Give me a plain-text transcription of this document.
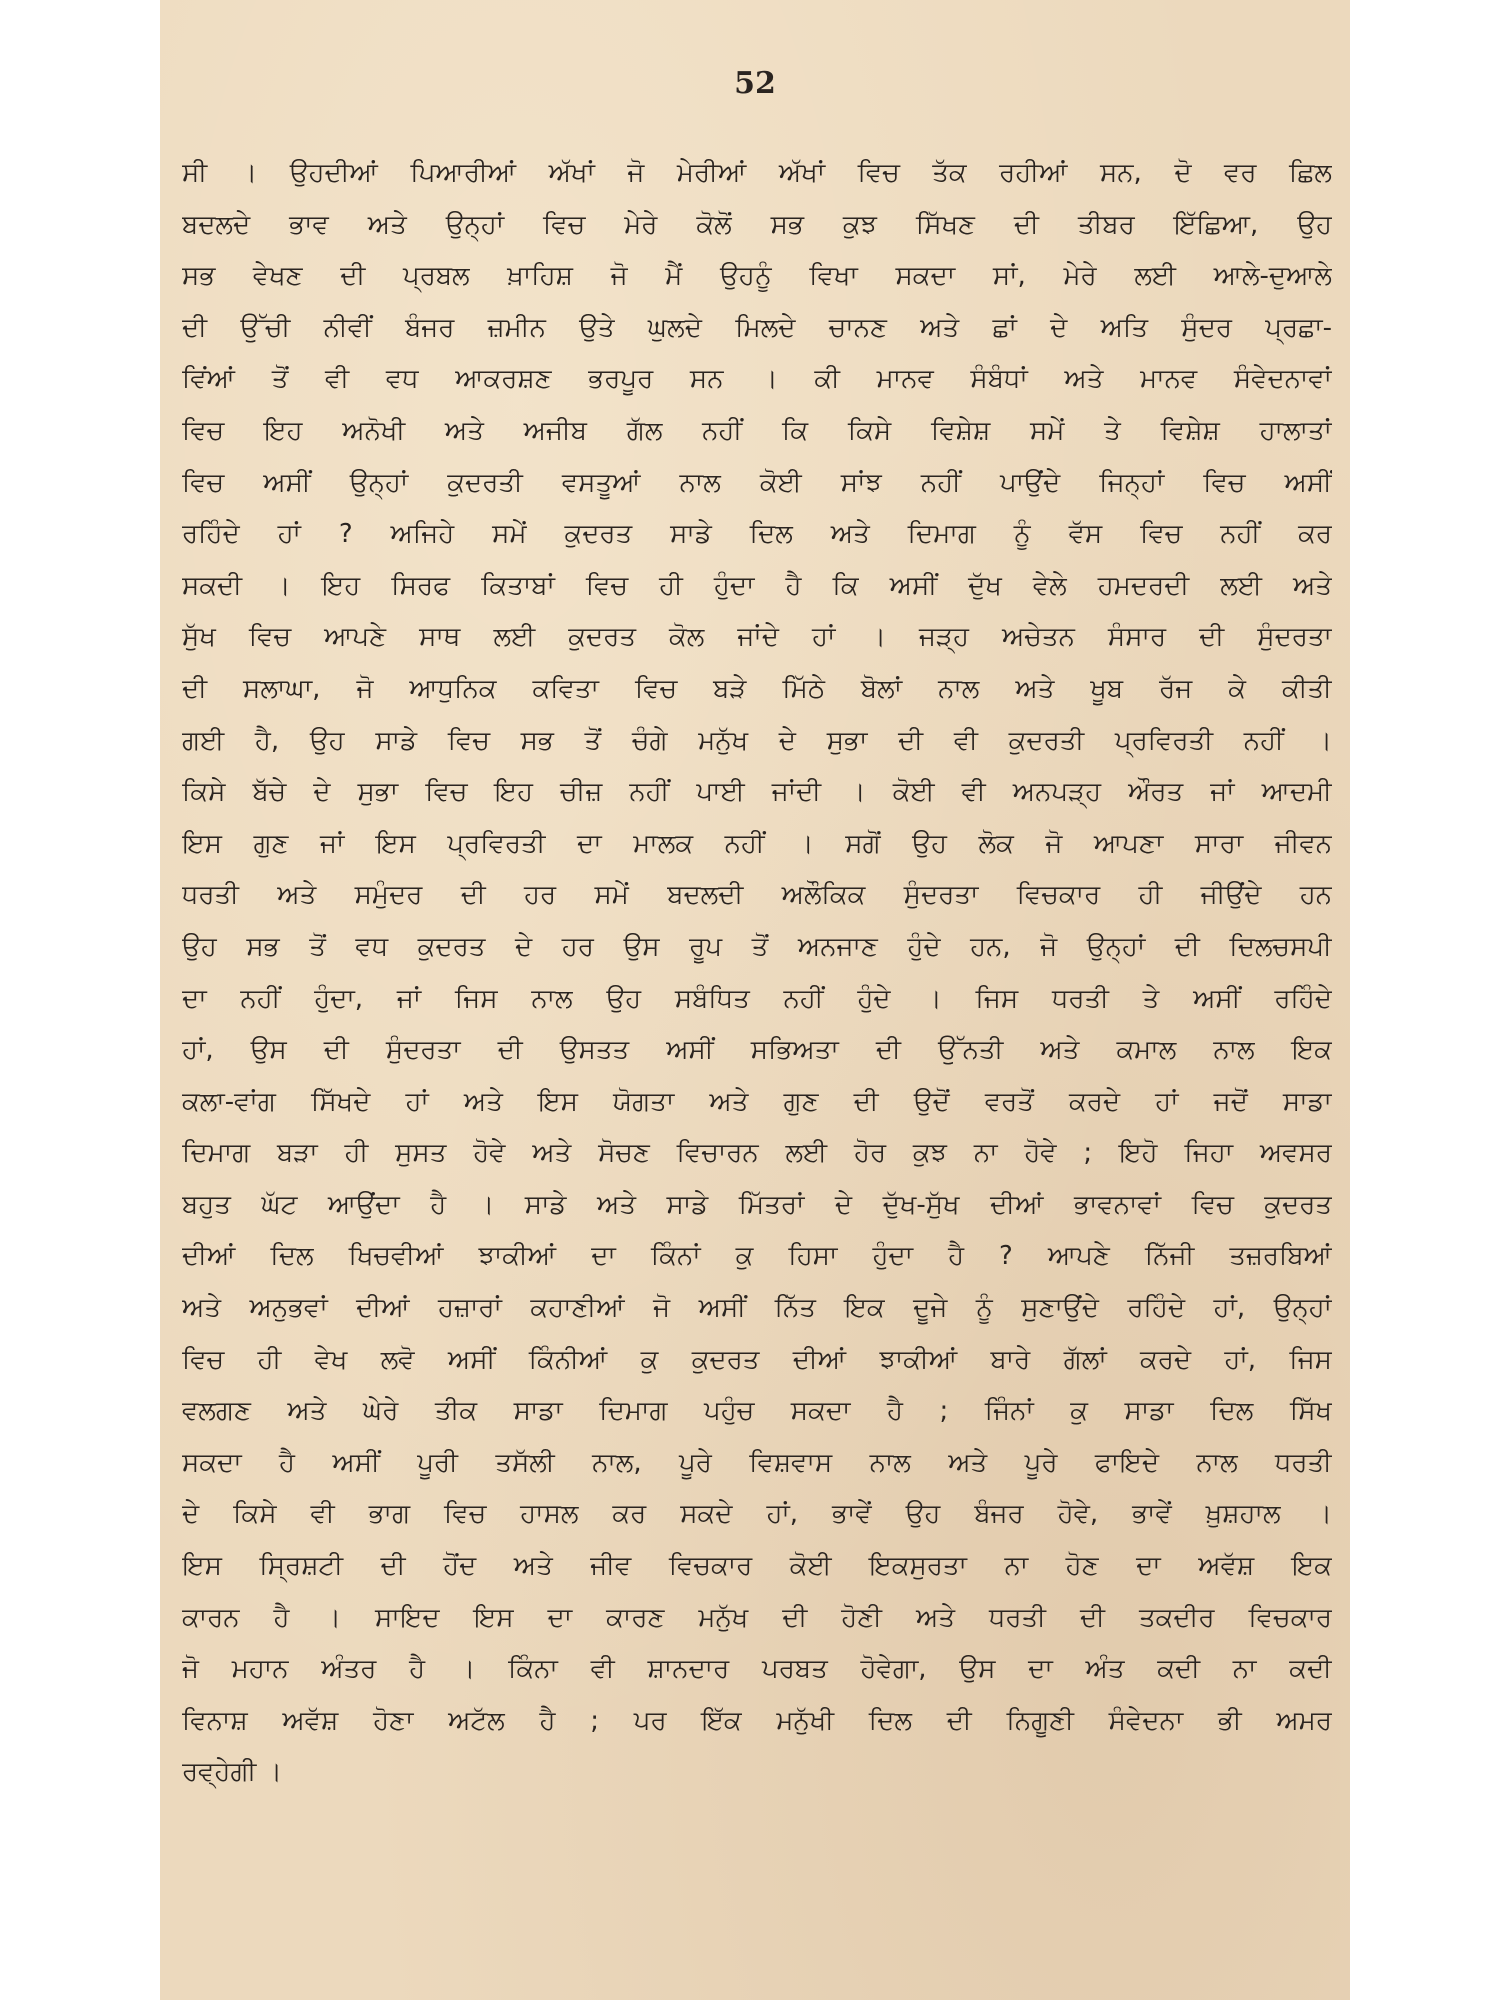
52
ਸੀ । ਉਹਦੀਆਂ ਪਿਆਰੀਆਂ ਅੱਖਾਂ ਜੋ ਮੇਰੀਆਂ ਅੱਖਾਂ ਵਿਚ ਤੱਕ ਰਹੀਆਂ ਸਨ, ਦੋ ਵਰ ਛਿਲ
ਬਦਲਦੇ ਭਾਵ ਅਤੇ ਉਨ੍ਹਾਂ ਵਿਚ ਮੇਰੇ ਕੋਲੋਂ ਸਭ ਕੁਝ ਸਿੱਖਣ ਦੀ ਤੀਬਰ ਇੱਛਿਆ, ਉਹ
ਸਭ ਵੇਖਣ ਦੀ ਪ੍ਰਬਲ ਖ਼ਾਹਿਸ਼ ਜੋ ਮੈਂ ਉਹਨੂੰ ਵਿਖਾ ਸਕਦਾ ਸਾਂ, ਮੇਰੇ ਲਈ ਆਲੇ-ਦੁਆਲੇ
ਦੀ ਉੱਚੀ ਨੀਵੀਂ ਬੰਜਰ ਜ਼ਮੀਨ ਉਤੇ ਘੁਲਦੇ ਮਿਲਦੇ ਚਾਨਣ ਅਤੇ ਛਾਂ ਦੇ ਅਤਿ ਸੁੰਦਰ ਪ੍ਰਛਾ-
ਵਿਂਆਂ ਤੋਂ ਵੀ ਵਧ ਆਕਰਸ਼ਣ ਭਰਪੂਰ ਸਨ । ਕੀ ਮਾਨਵ ਸੰਬੰਧਾਂ ਅਤੇ ਮਾਨਵ ਸੰਵੇਦਨਾਵਾਂ
ਵਿਚ ਇਹ ਅਨੋਖੀ ਅਤੇ ਅਜੀਬ ਗੱਲ ਨਹੀਂ ਕਿ ਕਿਸੇ ਵਿਸ਼ੇਸ਼ ਸਮੇਂ ਤੇ ਵਿਸ਼ੇਸ਼ ਹਾਲਾਤਾਂ
ਵਿਚ ਅਸੀਂ ਉਨ੍ਹਾਂ ਕੁਦਰਤੀ ਵਸਤੂਆਂ ਨਾਲ ਕੋਈ ਸਾਂਝ ਨਹੀਂ ਪਾਉਂਦੇ ਜਿਨ੍ਹਾਂ ਵਿਚ ਅਸੀਂ
ਰਹਿੰਦੇ ਹਾਂ ? ਅਜਿਹੇ ਸਮੇਂ ਕੁਦਰਤ ਸਾਡੇ ਦਿਲ ਅਤੇ ਦਿਮਾਗ ਨੂੰ ਵੱਸ ਵਿਚ ਨਹੀਂ ਕਰ
ਸਕਦੀ । ਇਹ ਸਿਰਫ ਕਿਤਾਬਾਂ ਵਿਚ ਹੀ ਹੁੰਦਾ ਹੈ ਕਿ ਅਸੀਂ ਦੁੱਖ ਵੇਲੇ ਹਮਦਰਦੀ ਲਈ ਅਤੇ
ਸੁੱਖ ਵਿਚ ਆਪਣੇ ਸਾਥ ਲਈ ਕੁਦਰਤ ਕੋਲ ਜਾਂਦੇ ਹਾਂ । ਜੜ੍ਹ ਅਚੇਤਨ ਸੰਸਾਰ ਦੀ ਸੁੰਦਰਤਾ
ਦੀ ਸਲਾਘਾ, ਜੋ ਆਧੁਨਿਕ ਕਵਿਤਾ ਵਿਚ ਬੜੇ ਮਿੱਠੇ ਬੋਲਾਂ ਨਾਲ ਅਤੇ ਖੂਬ ਰੱਜ ਕੇ ਕੀਤੀ
ਗਈ ਹੈ, ਉਹ ਸਾਡੇ ਵਿਚ ਸਭ ਤੋਂ ਚੰਗੇ ਮਨੁੱਖ ਦੇ ਸੁਭਾ ਦੀ ਵੀ ਕੁਦਰਤੀ ਪ੍ਰਵਿਰਤੀ ਨਹੀਂ ।
ਕਿਸੇ ਬੱਚੇ ਦੇ ਸੁਭਾ ਵਿਚ ਇਹ ਚੀਜ਼ ਨਹੀਂ ਪਾਈ ਜਾਂਦੀ । ਕੋਈ ਵੀ ਅਨਪੜ੍ਹ ਔਰਤ ਜਾਂ ਆਦਮੀ
ਇਸ ਗੁਣ ਜਾਂ ਇਸ ਪ੍ਰਵਿਰਤੀ ਦਾ ਮਾਲਕ ਨਹੀਂ । ਸਗੋਂ ਉਹ ਲੋਕ ਜੋ ਆਪਣਾ ਸਾਰਾ ਜੀਵਨ
ਧਰਤੀ ਅਤੇ ਸਮੁੰਦਰ ਦੀ ਹਰ ਸਮੇਂ ਬਦਲਦੀ ਅਲੌਕਿਕ ਸੁੰਦਰਤਾ ਵਿਚਕਾਰ ਹੀ ਜੀਉਂਦੇ ਹਨ
ਉਹ ਸਭ ਤੋਂ ਵਧ ਕੁਦਰਤ ਦੇ ਹਰ ਉਸ ਰੂਪ ਤੋਂ ਅਨਜਾਣ ਹੁੰਦੇ ਹਨ, ਜੋ ਉਨ੍ਹਾਂ ਦੀ ਦਿਲਚਸਪੀ
ਦਾ ਨਹੀਂ ਹੁੰਦਾ, ਜਾਂ ਜਿਸ ਨਾਲ ਉਹ ਸਬੰਧਿਤ ਨਹੀਂ ਹੁੰਦੇ । ਜਿਸ ਧਰਤੀ ਤੇ ਅਸੀਂ ਰਹਿੰਦੇ
ਹਾਂ, ਉਸ ਦੀ ਸੁੰਦਰਤਾ ਦੀ ਉਸਤਤ ਅਸੀਂ ਸਭਿਅਤਾ ਦੀ ਉੱਨਤੀ ਅਤੇ ਕਮਾਲ ਨਾਲ ਇਕ
ਕਲਾ-ਵਾਂਗ ਸਿੱਖਦੇ ਹਾਂ ਅਤੇ ਇਸ ਯੋਗਤਾ ਅਤੇ ਗੁਣ ਦੀ ਉਦੋਂ ਵਰਤੋਂ ਕਰਦੇ ਹਾਂ ਜਦੋਂ ਸਾਡਾ
ਦਿਮਾਗ ਬੜਾ ਹੀ ਸੁਸਤ ਹੋਵੇ ਅਤੇ ਸੋਚਣ ਵਿਚਾਰਨ ਲਈ ਹੋਰ ਕੁਝ ਨਾ ਹੋਵੇ ; ਇਹੋ ਜਿਹਾ ਅਵਸਰ
ਬਹੁਤ ਘੱਟ ਆਉਂਦਾ ਹੈ । ਸਾਡੇ ਅਤੇ ਸਾਡੇ ਮਿੱਤਰਾਂ ਦੇ ਦੁੱਖ-ਸੁੱਖ ਦੀਆਂ ਭਾਵਨਾਵਾਂ ਵਿਚ ਕੁਦਰਤ
ਦੀਆਂ ਦਿਲ ਖਿਚਵੀਆਂ ਝਾਕੀਆਂ ਦਾ ਕਿੰਨਾਂ ਕੁ ਹਿਸਾ ਹੁੰਦਾ ਹੈ ? ਆਪਣੇ ਨਿੱਜੀ ਤਜ਼ਰਬਿਆਂ
ਅਤੇ ਅਨੁਭਵਾਂ ਦੀਆਂ ਹਜ਼ਾਰਾਂ ਕਹਾਣੀਆਂ ਜੋ ਅਸੀਂ ਨਿੱਤ ਇਕ ਦੂਜੇ ਨੂੰ ਸੁਣਾਉਂਦੇ ਰਹਿੰਦੇ ਹਾਂ, ਉਨ੍ਹਾਂ
ਵਿਚ ਹੀ ਵੇਖ ਲਵੋ ਅਸੀਂ ਕਿੰਨੀਆਂ ਕੁ ਕੁਦਰਤ ਦੀਆਂ ਝਾਕੀਆਂ ਬਾਰੇ ਗੱਲਾਂ ਕਰਦੇ ਹਾਂ, ਜਿਸ
ਵਲਗਣ ਅਤੇ ਘੇਰੇ ਤੀਕ ਸਾਡਾ ਦਿਮਾਗ ਪਹੁੰਚ ਸਕਦਾ ਹੈ ; ਜਿੰਨਾਂ ਕੁ ਸਾਡਾ ਦਿਲ ਸਿੱਖ
ਸਕਦਾ ਹੈ ਅਸੀਂ ਪੂਰੀ ਤਸੱਲੀ ਨਾਲ, ਪੂਰੇ ਵਿਸ਼ਵਾਸ ਨਾਲ ਅਤੇ ਪੂਰੇ ਫਾਇਦੇ ਨਾਲ ਧਰਤੀ
ਦੇ ਕਿਸੇ ਵੀ ਭਾਗ ਵਿਚ ਹਾਸਲ ਕਰ ਸਕਦੇ ਹਾਂ, ਭਾਵੇਂ ਉਹ ਬੰਜਰ ਹੋਵੇ, ਭਾਵੇਂ ਖ਼ੁਸ਼ਹਾਲ ।
ਇਸ ਸ੍ਰਿਸ਼ਟੀ ਦੀ ਹੋਂਦ ਅਤੇ ਜੀਵ ਵਿਚਕਾਰ ਕੋਈ ਇਕਸੁਰਤਾ ਨਾ ਹੋਣ ਦਾ ਅਵੱਸ਼ ਇਕ
ਕਾਰਨ ਹੈ । ਸਾਇਦ ਇਸ ਦਾ ਕਾਰਣ ਮਨੁੱਖ ਦੀ ਹੋਣੀ ਅਤੇ ਧਰਤੀ ਦੀ ਤਕਦੀਰ ਵਿਚਕਾਰ
ਜੋ ਮਹਾਨ ਅੰਤਰ ਹੈ । ਕਿੰਨਾ ਵੀ ਸ਼ਾਨਦਾਰ ਪਰਬਤ ਹੋਵੇਗਾ, ਉਸ ਦਾ ਅੰਤ ਕਦੀ ਨਾ ਕਦੀ
ਵਿਨਾਸ਼ ਅਵੱਸ਼ ਹੋਣਾ ਅਟੱਲ ਹੈ ; ਪਰ ਇੱਕ ਮਨੁੱਖੀ ਦਿਲ ਦੀ ਨਿਗੂਣੀ ਸੰਵੇਦਨਾ ਭੀ ਅਮਰ
ਰਵ੍ਹੇਗੀ ।
